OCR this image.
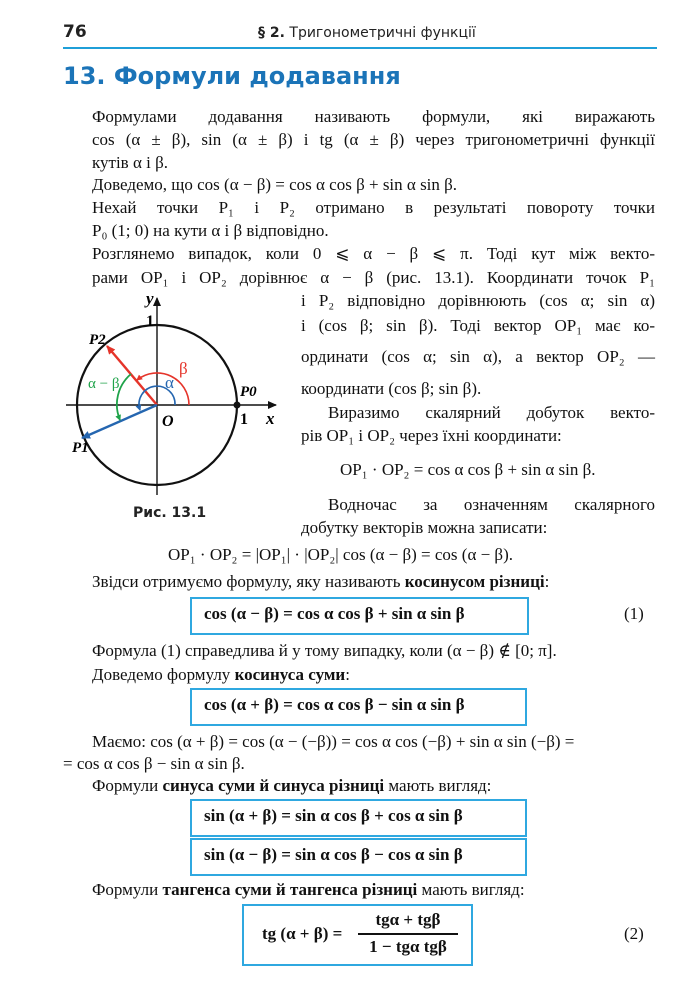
76	§ 2. Тригонометричні функції
13. Формули додавання
Формулами додавання називають формули, які виражають
cos (α ± β), sin (α ± β) і tg (α ± β) через тригонометричні функції
кутів α і β.
Доведемо, що cos (α − β) = cos α cos β + sin α sin β.
Нехай точки P₁ і P₂ отримано в результаті повороту точки
P₀ (1; 0) на кути α і β відповідно.
Розглянемо випадок, коли 0 ⩽ α − β ⩽ π. Тоді кут між векто-
рами OP₁ і OP₂ дорівнює α − β (рис. 13.1). Координати точок P₁
y
1
O	1 x
P0
P2
P1
α
β
α − β
Рис. 13.1
і P₂ відповідно дорівнюють (cos α; sin α)
і (cos β; sin β). Тоді вектор OP₁ має ко-
ординати (cos α; sin α), а вектор OP₂ —
координати (cos β; sin β).
Виразимо скалярний добуток векто-
рів OP₁ і OP₂ через їхні координати:
OP₁ · OP₂ = cos α cos β + sin α sin β.
Водночас за означенням скалярного
добутку векторів можна записати:
OP₁ · OP₂ = |OP₁| · |OP₂| cos (α − β) = cos (α − β).
Звідси отримуємо формулу, яку називають косинусом різниці:
cos (α − β) = cos α cos β + sin α sin β	(1)
Формула (1) справедлива й у тому випадку, коли (α − β) ∉ [0; π].
Доведемо формулу косинуса суми:
cos (α + β) = cos α cos β − sin α sin β
Маємо: cos (α + β) = cos (α − (−β)) = cos α cos (−β) + sin α sin (−β) =
= cos α cos β − sin α sin β.
Формули синуса суми й синуса різниці мають вигляд:
sin (α + β) = sin α cos β + cos α sin β
sin (α − β) = sin α cos β − cos α sin β
Формули тангенса суми й тангенса різниці мають вигляд:
tg (α + β) =
tgα + tgβ
1 − tgα tgβ
(2)
